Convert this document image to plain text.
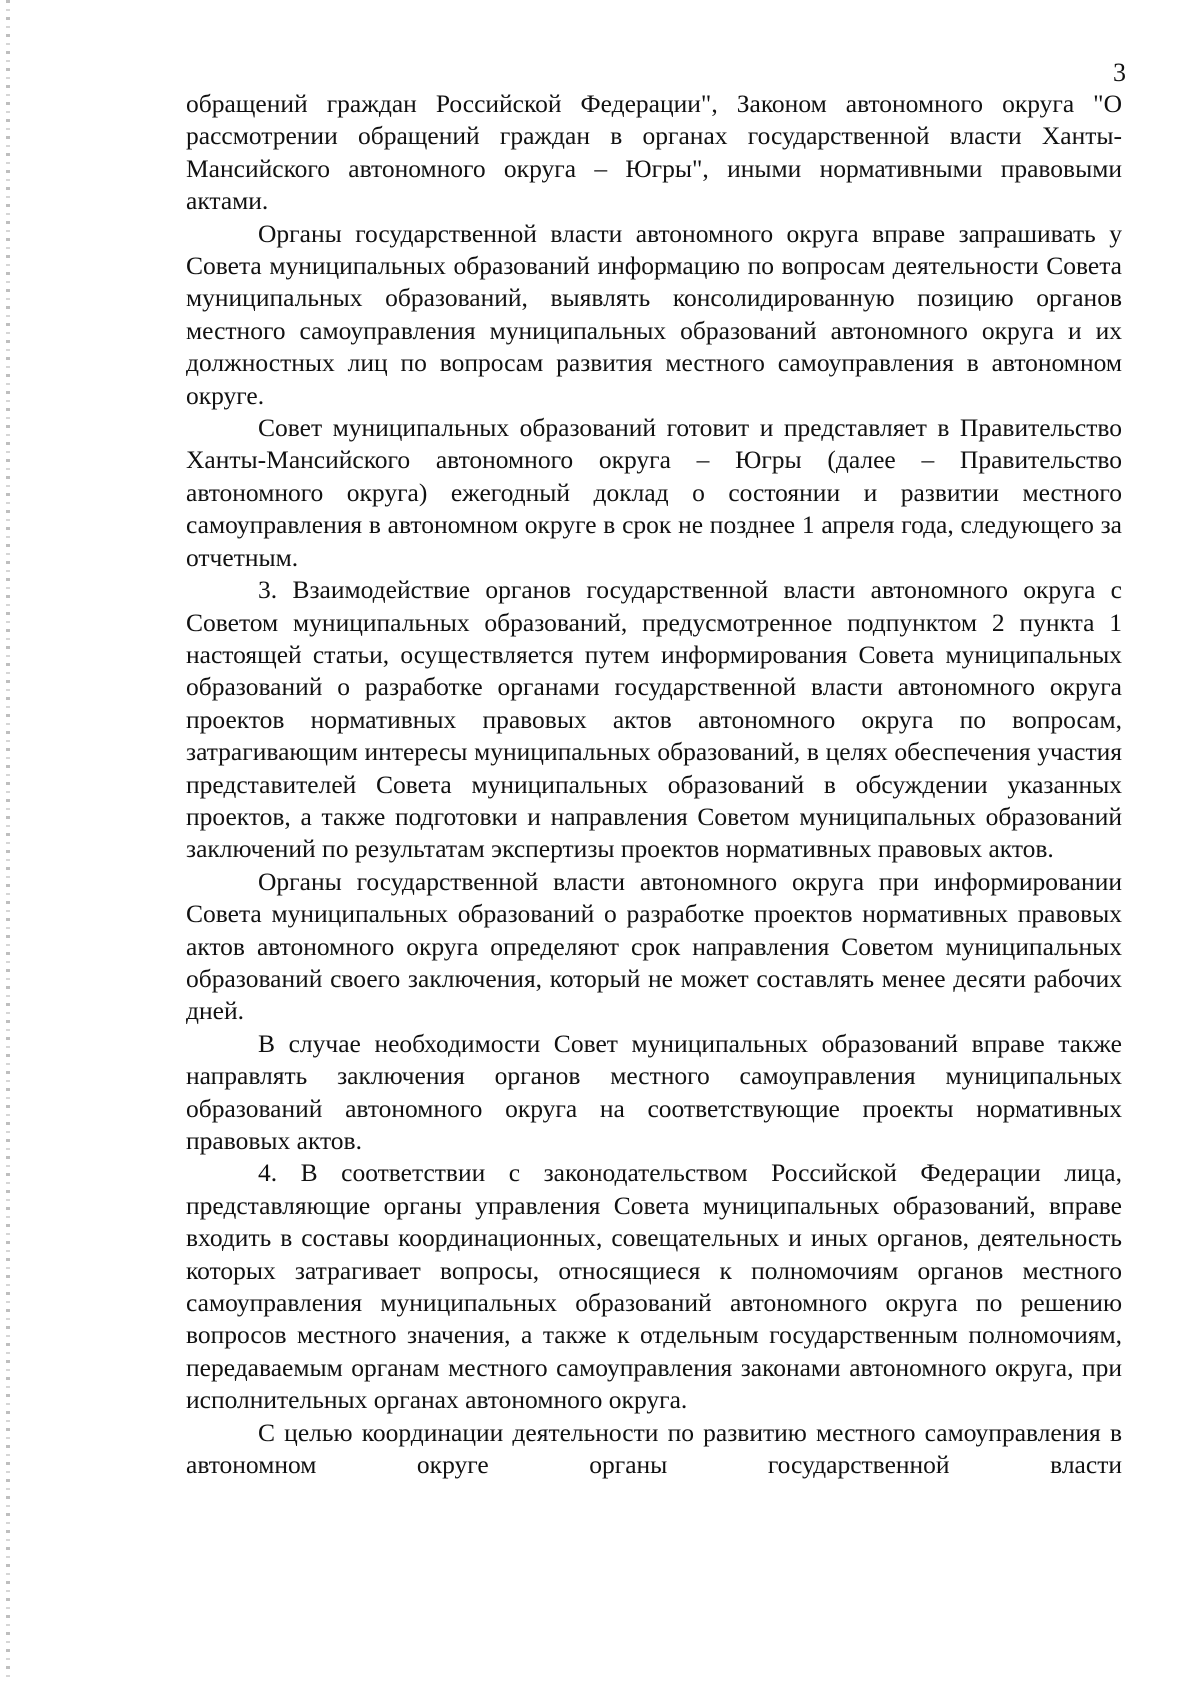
3

обращений граждан Российской Федерации", Законом автономного округа "О рассмотрении обращений граждан в органах государственной власти Ханты-Мансийского автономного округа – Югры", иными нормативными правовыми актами.

Органы государственной власти автономного округа вправе запрашивать у Совета муниципальных образований информацию по вопросам деятельности Совета муниципальных образований, выявлять консолидированную позицию органов местного самоуправления муниципальных образований автономного округа и их должностных лиц по вопросам развития местного самоуправления в автономном округе.

Совет муниципальных образований готовит и представляет в Правительство Ханты-Мансийского автономного округа – Югры (далее – Правительство автономного округа) ежегодный доклад о состоянии и развитии местного самоуправления в автономном округе в срок не позднее 1 апреля года, следующего за отчетным.

3. Взаимодействие органов государственной власти автономного округа с Советом муниципальных образований, предусмотренное подпунктом 2 пункта 1 настоящей статьи, осуществляется путем информирования Совета муниципальных образований о разработке органами государственной власти автономного округа проектов нормативных правовых актов автономного округа по вопросам, затрагивающим интересы муниципальных образований, в целях обеспечения участия представителей Совета муниципальных образований в обсуждении указанных проектов, а также подготовки и направления Советом муниципальных образований заключений по результатам экспертизы проектов нормативных правовых актов.

Органы государственной власти автономного округа при информировании Совета муниципальных образований о разработке проектов нормативных правовых актов автономного округа определяют срок направления Советом муниципальных образований своего заключения, который не может составлять менее десяти рабочих дней.

В случае необходимости Совет муниципальных образований вправе также направлять заключения органов местного самоуправления муниципальных образований автономного округа на соответствующие проекты нормативных правовых актов.

4. В соответствии с законодательством Российской Федерации лица, представляющие органы управления Совета муниципальных образований, вправе входить в составы координационных, совещательных и иных органов, деятельность которых затрагивает вопросы, относящиеся к полномочиям органов местного самоуправления муниципальных образований автономного округа по решению вопросов местного значения, а также к отдельным государственным полномочиям, передаваемым органам местного самоуправления законами автономного округа, при исполнительных органах автономного округа.

С целью координации деятельности по развитию местного самоуправления в автономном округе органы государственной власти
